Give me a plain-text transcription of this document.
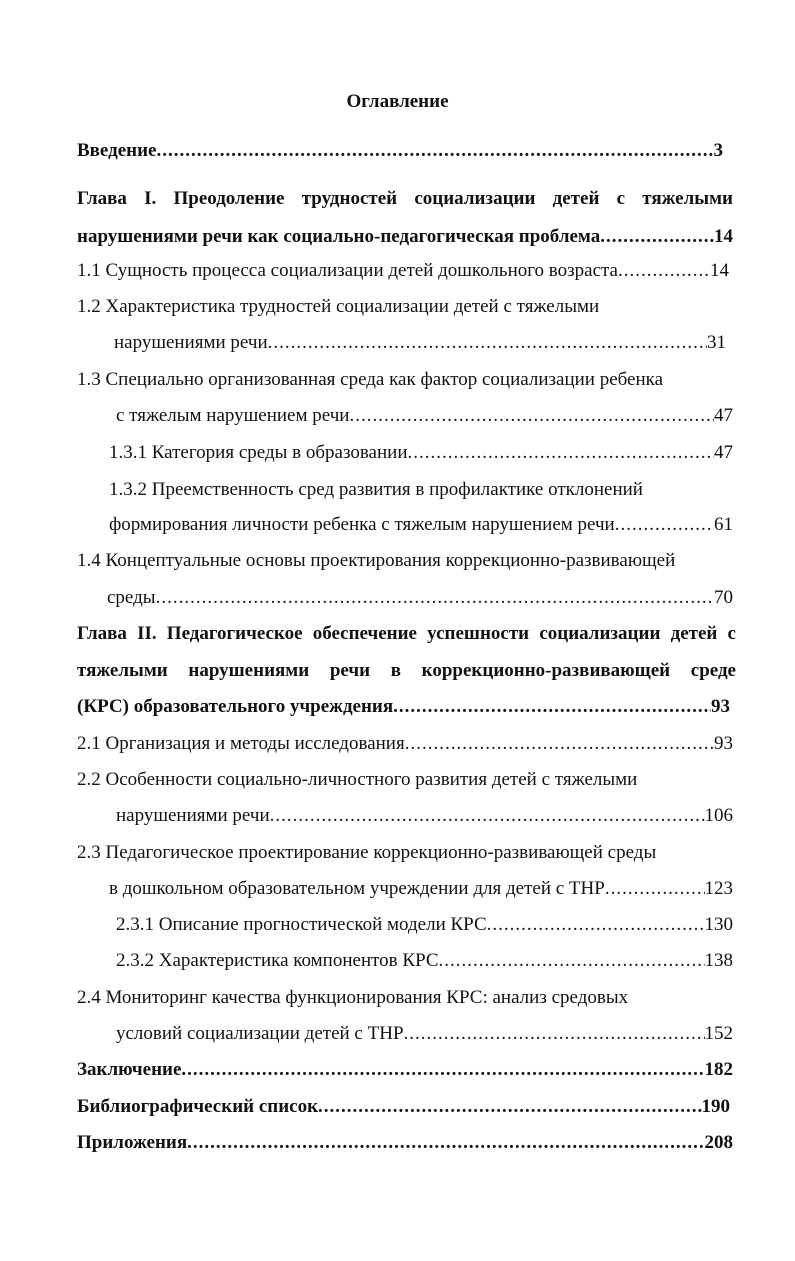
Оглавление
Введение .....	3
Глава I. Преодоление трудностей социализации детей с тяжелыми
нарушениями речи как социально-педагогическая проблема .....	14
1.1 Сущность процесса социализации детей дошкольного возраста .....	14
1.2 Характеристика трудностей социализации детей с тяжелыми
нарушениями речи .....	31
1.3 Специально организованная среда как фактор социализации ребенка
с тяжелым нарушением речи .....	47
1.3.1 Категория среды в образовании .....	47
1.3.2 Преемственность сред развития в профилактике отклонений
формирования личности ребенка с тяжелым нарушением речи .....	61
1.4 Концептуальные основы проектирования коррекционно-развивающей
среды .....	70
Глава II. Педагогическое обеспечение успешности социализации детей с
тяжелыми нарушениями речи в коррекционно-развивающей среде
(КРС) образовательного учреждения .....	93
2.1 Организация и методы исследования .....	93
2.2 Особенности социально-личностного развития детей с тяжелыми
нарушениями речи .....	106
2.3 Педагогическое проектирование коррекционно-развивающей среды
в дошкольном образовательном учреждении для детей с ТНР .....	123
2.3.1 Описание прогностической модели КРС .....	130
2.3.2 Характеристика компонентов КРС .....	138
2.4 Мониторинг качества функционирования КРС: анализ средовых
условий социализации детей с ТНР .....	152
Заключение .....	182
Библиографический список .....	190
Приложения .....	208
